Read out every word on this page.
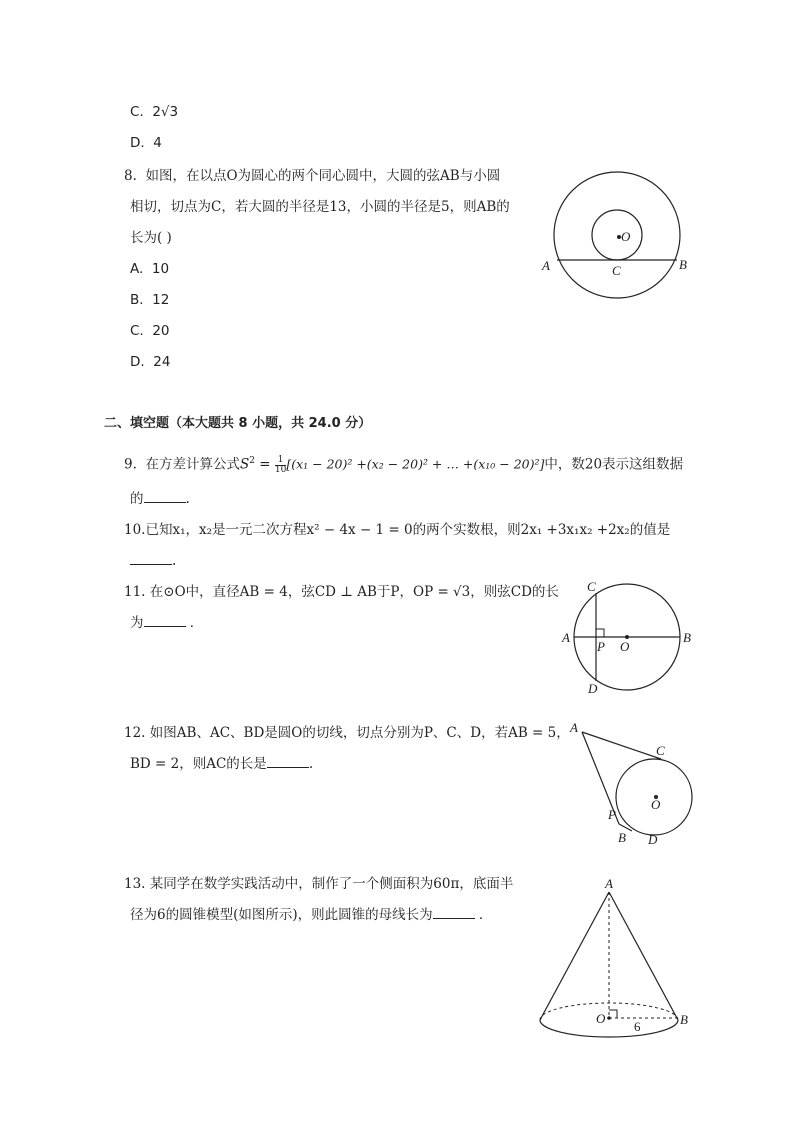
C. 2√3
D. 4
8. 如图，在以点O为圆心的两个同心圆中，大圆的弦AB与小圆
相切，切点为C，若大圆的半径是13，小圆的半径是5，则AB的
长为( )
A. 10
B. 12
C. 20
D. 24
O
A	B
C
二、填空题（本大题共 8 小题，共 24.0 分）
9. 在方差计算公式$S^2 = \frac{1}{10} [(x_1 - 20)^2 +(x_2 - 20)^2$ + … +(x₁₀ − 20)²]中，数20表示这组数据
的	.
10.已知x₁，x₂是一元二次方程x² − 4x − 1 = 0的两个实数根，则2x₁ +3x₁x₂ +2x₂的值是
.
11. 在⊙O中，直径AB = 4，弦CD ⊥ AB于P，OP = √3，则弦CD的长
为	．
A	B
C
D
O
P
12. 如图AB、AC、BD是圆O的切线，切点分别为P、C、D，若AB = 5，
BD = 2，则AC的长是	.
A
C
O
P
B D
13. 某同学在数学实践活动中，制作了一个侧面积为60π，底面半
径为6的圆锥模型(如图所示)，则此圆锥的母线长为	．
A
O	B
6
